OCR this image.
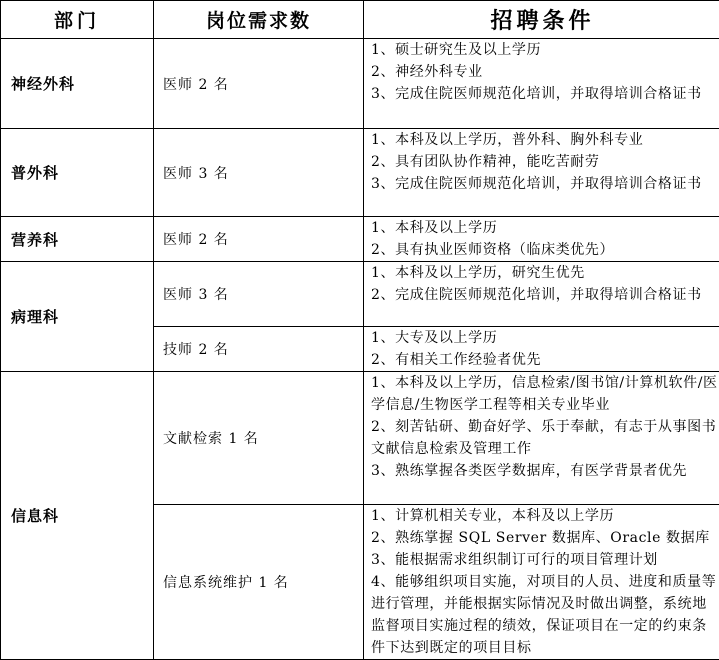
部门	岗位需求数	招聘条件
神经外科	医师 2 名	1、硕士研究生及以上学历
2、神经外科专业
3、完成住院医师规范化培训，并取得培训合格证书

普外科	医师 3 名	1、本科及以上学历，普外科、胸外科专业
2、具有团队协作精神，能吃苦耐劳
3、完成住院医师规范化培训，并取得培训合格证书

营养科	医师 2 名	1、本科及以上学历
2、具有执业医师资格（临床类优先）

病理科	医师 3 名	1、本科及以上学历，研究生优先
2、完成住院医师规范化培训，并取得培训合格证书

	技师 2 名	1、大专及以上学历
2、有相关工作经验者优先

信息科	文献检索 1 名	1、本科及以上学历，信息检索/图书馆/计算机软件/医学信息/生物医学工程等相关专业毕业
2、刻苦钻研、勤奋好学、乐于奉献，有志于从事图书文献信息检索及管理工作
3、熟练掌握各类医学数据库，有医学背景者优先

	信息系统维护 1 名	1、计算机相关专业，本科及以上学历
2、熟练掌握 SQL Server 数据库、Oracle 数据库
3、能根据需求组织制订可行的项目管理计划
4、能够组织项目实施，对项目的人员、进度和质量等进行管理，并能根据实际情况及时做出调整，系统地监督项目实施过程的绩效，保证项目在一定的约束条件下达到既定的项目目标
